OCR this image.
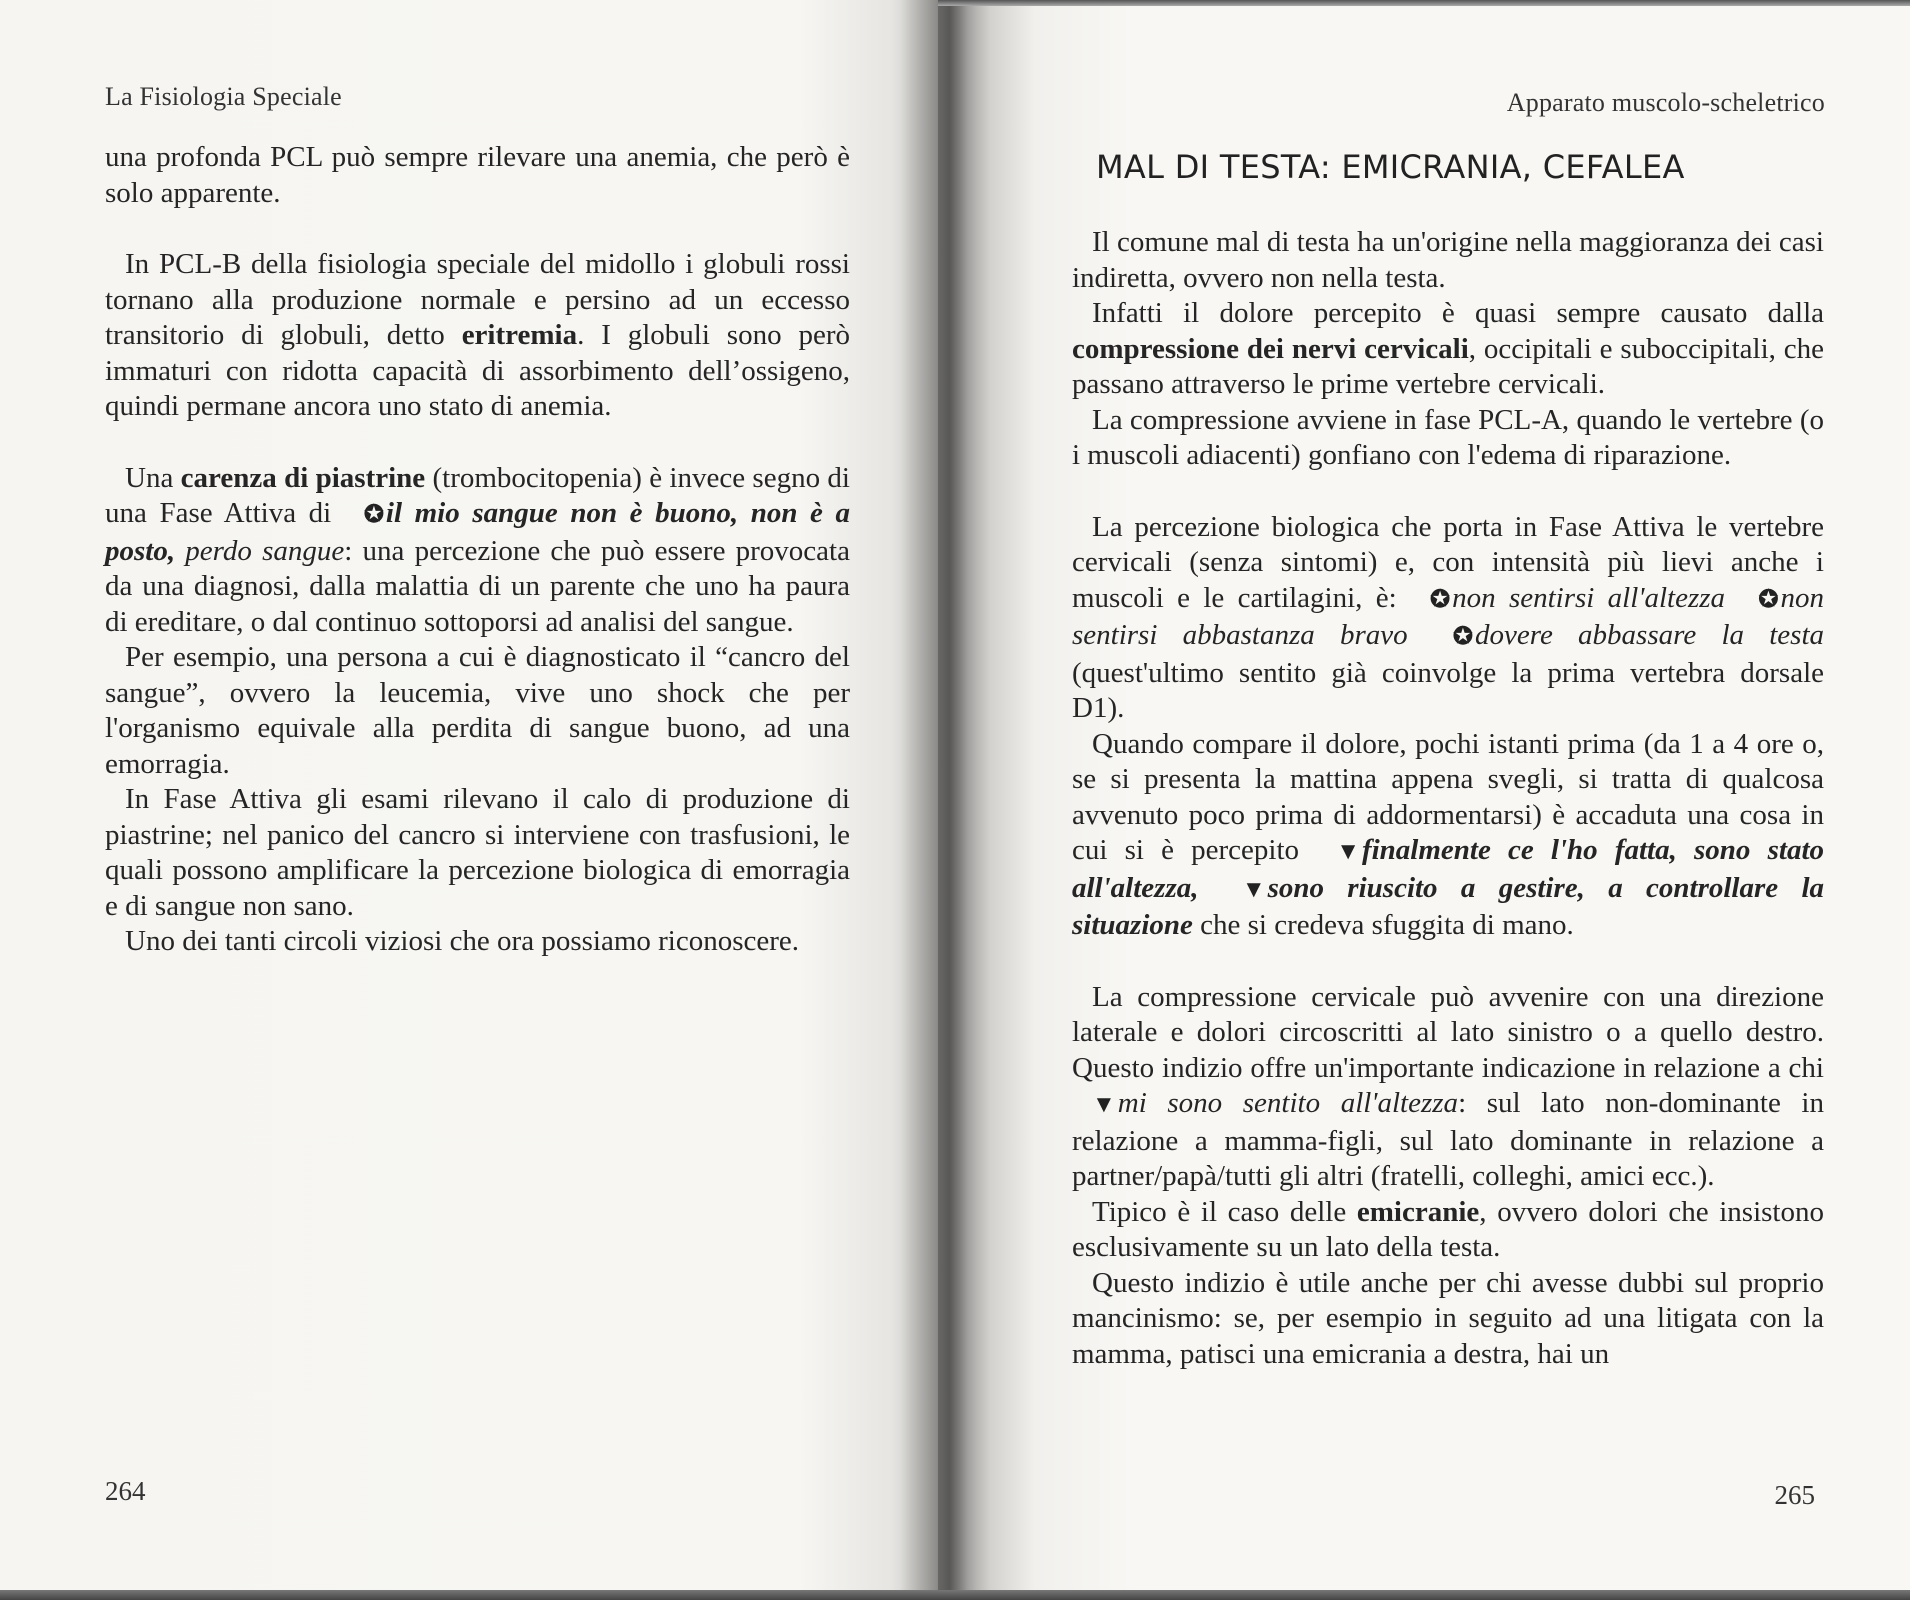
La Fisiologia Speciale

una profonda PCL può sempre rilevare una anemia, che però è solo apparente.

In PCL-B della fisiologia speciale del midollo i globuli rossi tornano alla produzione normale e persino ad un eccesso transitorio di globuli, detto eritremia. I globuli sono però immaturi con ridotta capacità di assorbimento dell’ossigeno, quindi permane ancora uno stato di anemia.

Una carenza di piastrine (trombocitopenia) è invece segno di una Fase Attiva di ✪il mio sangue non è buono, non è a posto, perdo sangue: una percezione che può essere provocata da una diagnosi, dalla malattia di un parente che uno ha paura di ereditare, o dal continuo sottoporsi ad analisi del sangue.

Per esempio, una persona a cui è diagnosticato il “cancro del sangue”, ovvero la leucemia, vive uno shock che per l'organismo equivale alla perdita di sangue buono, ad una emorragia.

In Fase Attiva gli esami rilevano il calo di produzione di piastrine; nel panico del cancro si interviene con trasfusioni, le quali possono amplificare la percezione biologica di emorragia e di sangue non sano.

Uno dei tanti circoli viziosi che ora possiamo riconoscere.

264
Apparato muscolo-scheletrico
MAL DI TESTA: EMICRANIA, CEFALEA

Il comune mal di testa ha un'origine nella maggioranza dei casi indiretta, ovvero non nella testa.

Infatti il dolore percepito è quasi sempre causato dalla compressione dei nervi cervicali, occipitali e suboccipitali, che passano attraverso le prime vertebre cervicali.

La compressione avviene in fase PCL-A, quando le vertebre (o i muscoli adiacenti) gonfiano con l'edema di riparazione.

La percezione biologica che porta in Fase Attiva le vertebre cervicali (senza sintomi) e, con intensità più lievi anche i muscoli e le cartilagini, è: ✪non sentirsi all'altezza ✪non sentirsi abbastanza bravo ✪dovere abbassare la testa (quest'ultimo sentito già coinvolge la prima vertebra dorsale D1).

Quando compare il dolore, pochi istanti prima (da 1 a 4 ore o, se si presenta la mattina appena svegli, si tratta di qualcosa avvenuto poco prima di addormentarsi) è accaduta una cosa in cui si è percepito ▼finalmente ce l'ho fatta, sono stato all'altezza, ▼sono riuscito a gestire, a controllare la situazione che si credeva sfuggita di mano.

La compressione cervicale può avvenire con una direzione laterale e dolori circoscritti al lato sinistro o a quello destro. Questo indizio offre un'importante indicazione in relazione a chi ▼mi sono sentito all'altezza: sul lato non-dominante in relazione a mamma-figli, sul lato dominante in relazione a partner/papà/tutti gli altri (fratelli, colleghi, amici ecc.).

Tipico è il caso delle emicranie, ovvero dolori che insistono esclusivamente su un lato della testa.

Questo indizio è utile anche per chi avesse dubbi sul proprio mancinismo: se, per esempio in seguito ad una litigata con la mamma, patisci una emicrania a destra, hai un

265
